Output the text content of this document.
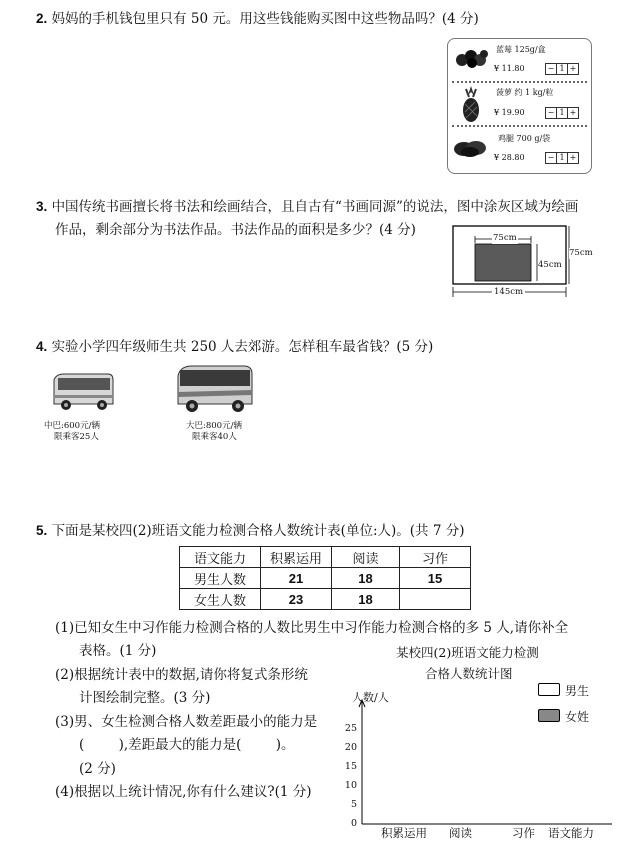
2. 妈妈的手机钱包里只有 50 元。用这些钱能购买图中这些物品吗？(4 分)
蓝莓 125g/盒
¥ 11.80	− 1 +
菠萝 约 1 kg/粒
¥ 19.90	− 1 +
鸡腿 700 g/袋
¥ 28.80	− 1 +
3. 中国传统书画擅长将书法和绘画结合，且自古有“书画同源”的说法，图中涂灰区域为绘画
作品，剩余部分为书法作品。书法作品的面积是多少？(4 分)	75cm
45cm
75cm
145cm
4. 实验小学四年级师生共 250 人去郊游。怎样租车最省钱？(5 分)
中巴:600元/辆
限乘客25人
大巴:800元/辆
限乘客40人
5. 下面是某校四(2)班语文能力检测合格人数统计表(单位:人)。(共 7 分)
语文能力	积累运用	阅读	习作
男生人数	21	18	15
女生人数	23	18	
(1)已知女生中习作能力检测合格的人数比男生中习作能力检测合格的多 5 人,请你补全
表格。(1 分)
(2)根据统计表中的数据,请你将复式条形统
计图绘制完整。(3 分)
(3)男、女生检测合格人数差距最小的能力是
(        ),差距最大的能力是(        )。
(2 分)
(4)根据以上统计情况,你有什么建议?(1 分)
某校四(2)班语文能力检测
合格人数统计图
人数/人	男生
女姓
25
20
15
10
5
0
积累运用 阅读	习作 语文能力
